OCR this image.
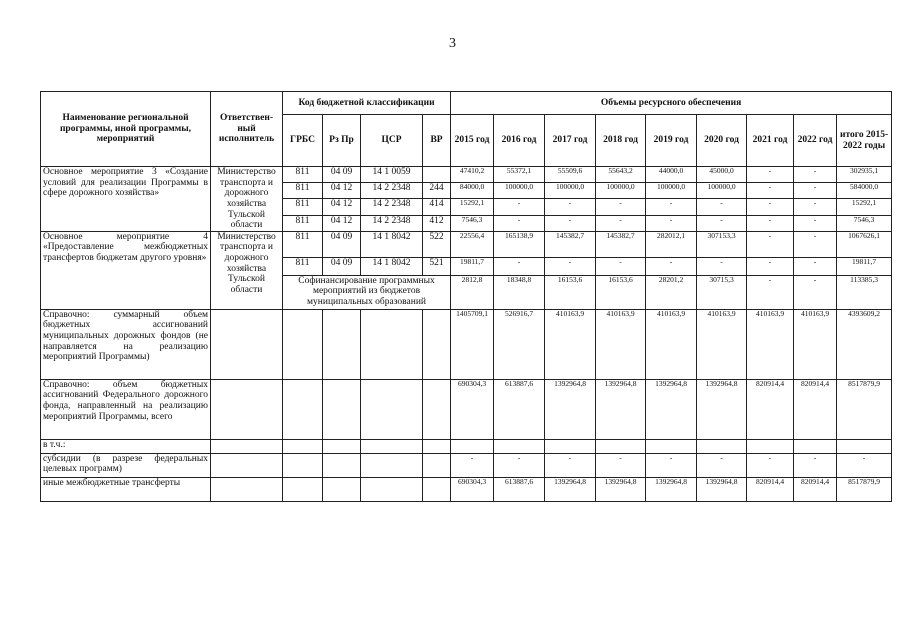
3
Наименование региональной программы, иной программы, мероприятий	Ответствен-ный исполнитель	Код бюджетной классификации				Объемы ресурсного обеспечения								
		ГРБС	Рз Пр	ЦСР	ВР	2015 год	2016 год	2017 год	2018 год	2019 год	2020 год	2021 год	2022 год	итого 2015-2022 годы
Основное мероприятие 3 «Создание условий для реализации Программы в сфере дорожного хозяйства»	Министерство транспорта и дорожного хозяйства Тульской области	811	04 09	14 1 0059		47410,2	55372,1	55509,6	55643,2	44000,0	45000,0	-	-	302935,1
		811	04 12	14 2 2348	244	84000,0	100000,0	100000,0	100000,0	100000,0	100000,0	-	-	584000,0
		811	04 12	14 2 2348	414	15292,1	-	-	-	-	-	-	-	15292,1
		811	04 12	14 2 2348	412	7546,3	-	-	-	-	-	-	-	7546,3
Основное мероприятие 4 «Предоставление межбюджетных трансфертов бюджетам другого уровня»	Министерство транспорта и дорожного хозяйства Тульской области	811	04 09	14 1 8042	522	22556,4	165138,9	145382,7	145382,7	282012,1	307153,3	-	-	1067626,1
		811	04 09	14 1 8042	521	19811,7	-	-	-	-	-	-	-	19811,7
		Софинансирование программных мероприятий из бюджетов муниципальных образований				2812,8	18348,8	16153,6	16153,6	28201,2	30715,3	-	-	113385,3
Справочно: суммарный объем бюджетных ассигнований муниципальных дорожных фондов (не направляется на реализацию мероприятий Программы)						1405709,1	526916,7	410163,9	410163,9	410163,9	410163,9	410163,9	410163,9	4393609,2
Справочно: объем бюджетных ассигнований Федерального дорожного фонда, направленный на реализацию мероприятий Программы, всего						690304,3	613887,6	1392964,8	1392964,8	1392964,8	1392964,8	820914,4	820914,4	8517879,9
в т.ч.:														
субсидии (в разрезе федеральных целевых программ)						-	-	-	-	-	-	-	-	-
иные межбюджетные трансферты						690304,3	613887,6	1392964,8	1392964,8	1392964,8	1392964,8	820914,4	820914,4	8517879,9
